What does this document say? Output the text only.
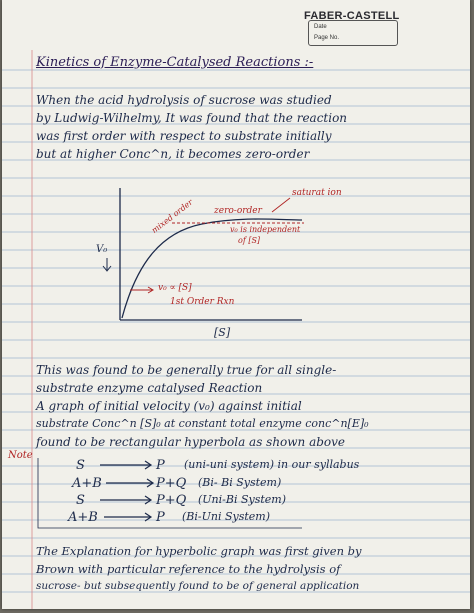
FABER-CASTELL
Date
Page No.
Kinetics of Enzyme-Catalysed Reactions :-
When the acid hydrolysis of sucrose was studied
by Ludwig-Wilhelmy, It was found that the reaction
was first order with respect to substrate initially
but at higher Conc^n, it becomes zero-order
V₀
[S]
saturat ion
zero-order
v₀ is independent
of [S]
mixed order
v₀ ∝ [S]
1st Order Rxn
This was found to be generally true for all single-
substrate enzyme catalysed Reaction
A graph of initial velocity (v₀) against initial
substrate Conc^n [S]₀ at constant total enzyme conc^n[E]₀
found to be rectangular hyperbola as shown above
Note
S	P (uni-uni system) in our syllabus
A+B	P+Q (Bi- Bi System)
S	P+Q (Uni-Bi System)
A+B	P (Bi-Uni System)
The Explanation for hyperbolic graph was first given by
Brown with particular reference to the hydrolysis of
sucrose- but subsequently found to be of general application
